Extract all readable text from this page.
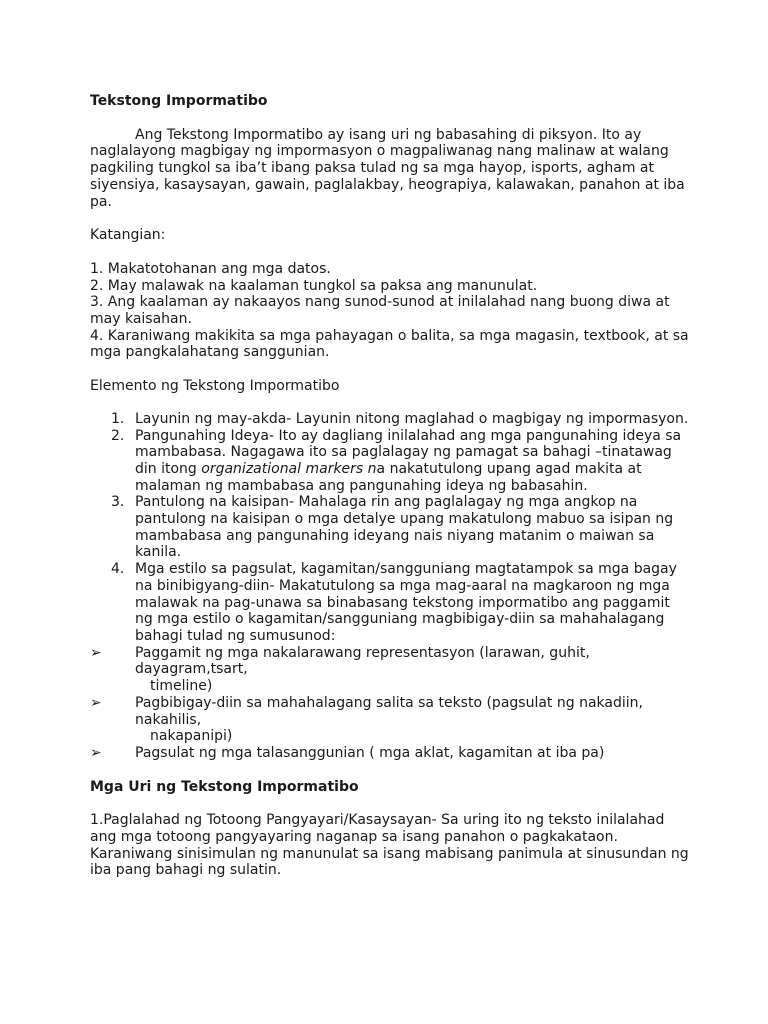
Tekstong Impormatibo

Ang Tekstong Impormatibo ay isang uri ng babasahing di piksyon. Ito ay naglalayong magbigay ng impormasyon o magpaliwanag nang malinaw at walang pagkiling tungkol sa iba’t ibang paksa tulad ng sa mga hayop, isports, agham at siyensiya, kasaysayan, gawain, paglalakbay, heograpiya, kalawakan, panahon at iba pa.

Katangian:

1. Makatotohanan ang mga datos.
2. May malawak na kaalaman tungkol sa paksa ang manunulat.
3. Ang kaalaman ay nakaayos nang sunod-sunod at inilalahad nang buong diwa at may kaisahan.
4. Karaniwang makikita sa mga pahayagan o balita, sa mga magasin, textbook, at sa mga pangkalahatang sanggunian.

Elemento ng Tekstong Impormatibo

1. Layunin ng may-akda- Layunin nitong maglahad o magbigay ng impormasyon.
2. Pangunahing Ideya- Ito ay dagliang inilalahad ang mga pangunahing ideya sa mambabasa. Nagagawa ito sa paglalagay ng pamagat sa bahagi –tinatawag din itong organizational markers na nakatutulong upang agad makita at malaman ng mambabasa ang pangunahing ideya ng babasahin.
3. Pantulong na kaisipan- Mahalaga rin ang paglalagay ng mga angkop na pantulong na kaisipan o mga detalye upang makatulong mabuo sa isipan ng mambabasa ang pangunahing ideyang nais niyang matanim o maiwan sa kanila.
4. Mga estilo sa pagsulat, kagamitan/sangguniang magtatampok sa mga bagay na binibigyang-diin- Makatutulong sa mga mag-aaral na magkaroon ng mga malawak na pag-unawa sa binabasang tekstong impormatibo ang paggamit ng mga estilo o kagamitan/sangguniang magbibigay-diin sa mahahalagang bahagi tulad ng sumusunod:
➢ Paggamit ng mga nakalarawang representasyon (larawan, guhit, dayagram,tsart,
timeline)
➢ Pagbibigay-diin sa mahahalagang salita sa teksto (pagsulat ng nakadiin, nakahilis,
nakapanipi)
➢ Pagsulat ng mga talasanggunian ( mga aklat, kagamitan at iba pa)

Mga Uri ng Tekstong Impormatibo

1.Paglalahad ng Totoong Pangyayari/Kasaysayan- Sa uring ito ng teksto inilalahad ang mga totoong pangyayaring naganap sa isang panahon o pagkakataon. Karaniwang sinisimulan ng manunulat sa isang mabisang panimula at sinusundan ng iba pang bahagi ng sulatin.
